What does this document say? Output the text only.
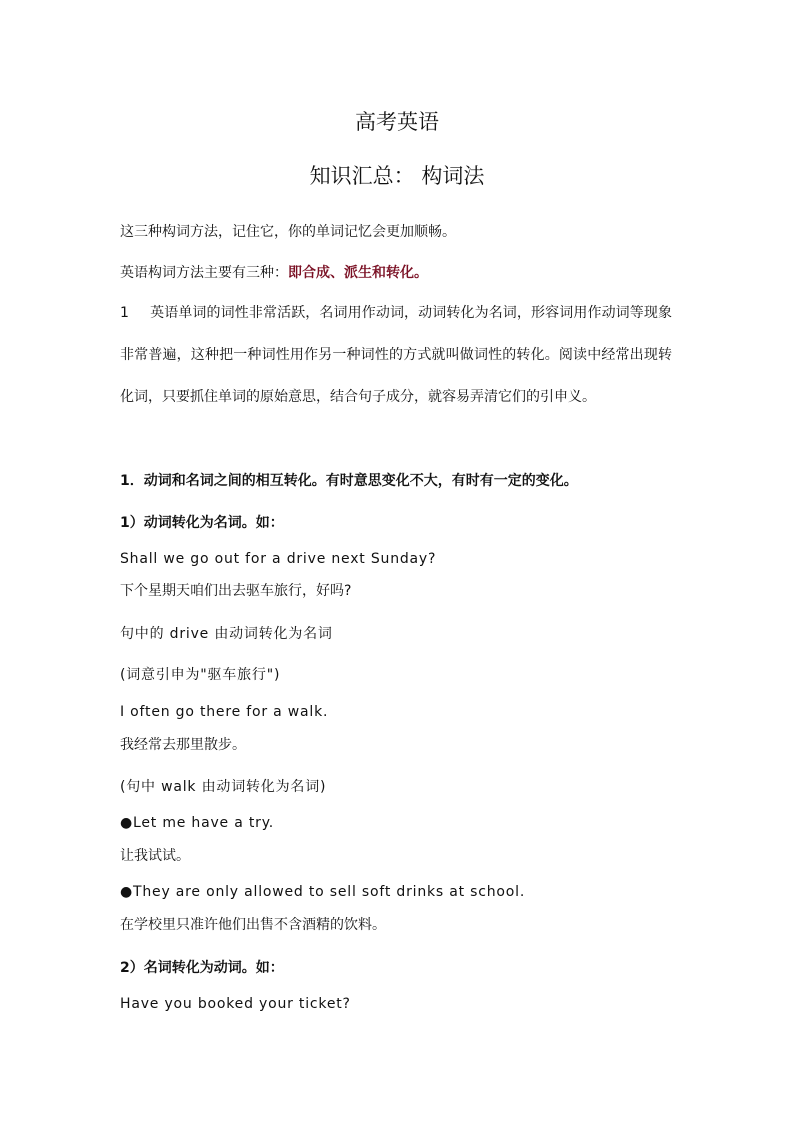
高考英语
知识汇总： 构词法

这三种构词方法，记住它，你的单词记忆会更加顺畅。

英语构词方法主要有三种：即合成、派生和转化。

1 英语单词的词性非常活跃，名词用作动词，动词转化为名词，形容词用作动词等现象非常普遍，这种把一种词性用作另一种词性的方式就叫做词性的转化。阅读中经常出现转化词，只要抓住单词的原始意思，结合句子成分，就容易弄清它们的引申义。

1．动词和名词之间的相互转化。有时意思变化不大，有时有一定的变化。

1）动词转化为名词。如：

Shall we go out for a drive next Sunday?

下个星期天咱们出去驱车旅行，好吗?

句中的 drive 由动词转化为名词

(词意引申为"驱车旅行")

I often go there for a walk.

我经常去那里散步。

(句中 walk 由动词转化为名词)

●Let me have a try.

让我试试。

●They are only allowed to sell soft drinks at school.

在学校里只准许他们出售不含酒精的饮料。

2）名词转化为动词。如：

Have you booked your ticket?
